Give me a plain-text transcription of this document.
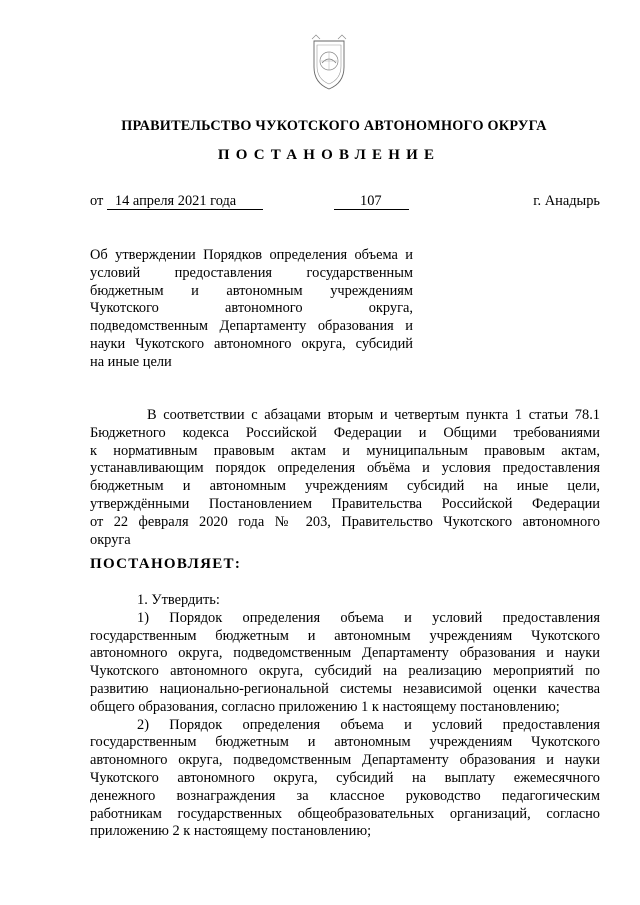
ПРАВИТЕЛЬСТВО ЧУКОТСКОГО АВТОНОМНОГО ОКРУГА
ПОСТАНОВЛЕНИЕ
от 14 апреля 2021 года	107	г. Анадырь
Об утверждении Порядков определения объема и
условий предоставления государственным
бюджетным и автономным учреждениям
Чукотского автономного округа,
подведомственным Департаменту образования и
науки Чукотского автономного округа, субсидий
на иные цели
В соответствии с абзацами вторым и четвертым пункта 1 статьи 78.1
Бюджетного кодекса Российской Федерации и Общими требованиями
к нормативным правовым актам и муниципальным правовым актам,
устанавливающим порядок определения объёма и условия предоставления
бюджетным и автономным учреждениям субсидий на иные цели,
утверждёнными Постановлением Правительства Российской Федерации
от 22 февраля 2020 года № 203, Правительство Чукотского автономного
округа
ПОСТАНОВЛЯЕТ:
1. Утвердить:
1) Порядок определения объема и условий предоставления
государственным бюджетным и автономным учреждениям Чукотского
автономного округа, подведомственным Департаменту образования и науки
Чукотского автономного округа, субсидий на реализацию мероприятий по
развитию национально-региональной системы независимой оценки качества
общего образования, согласно приложению 1 к настоящему постановлению;
2) Порядок определения объема и условий предоставления
государственным бюджетным и автономным учреждениям Чукотского
автономного округа, подведомственным Департаменту образования и науки
Чукотского автономного округа, субсидий на выплату ежемесячного
денежного вознаграждения за классное руководство педагогическим
работникам государственных общеобразовательных организаций, согласно
приложению 2 к настоящему постановлению;
